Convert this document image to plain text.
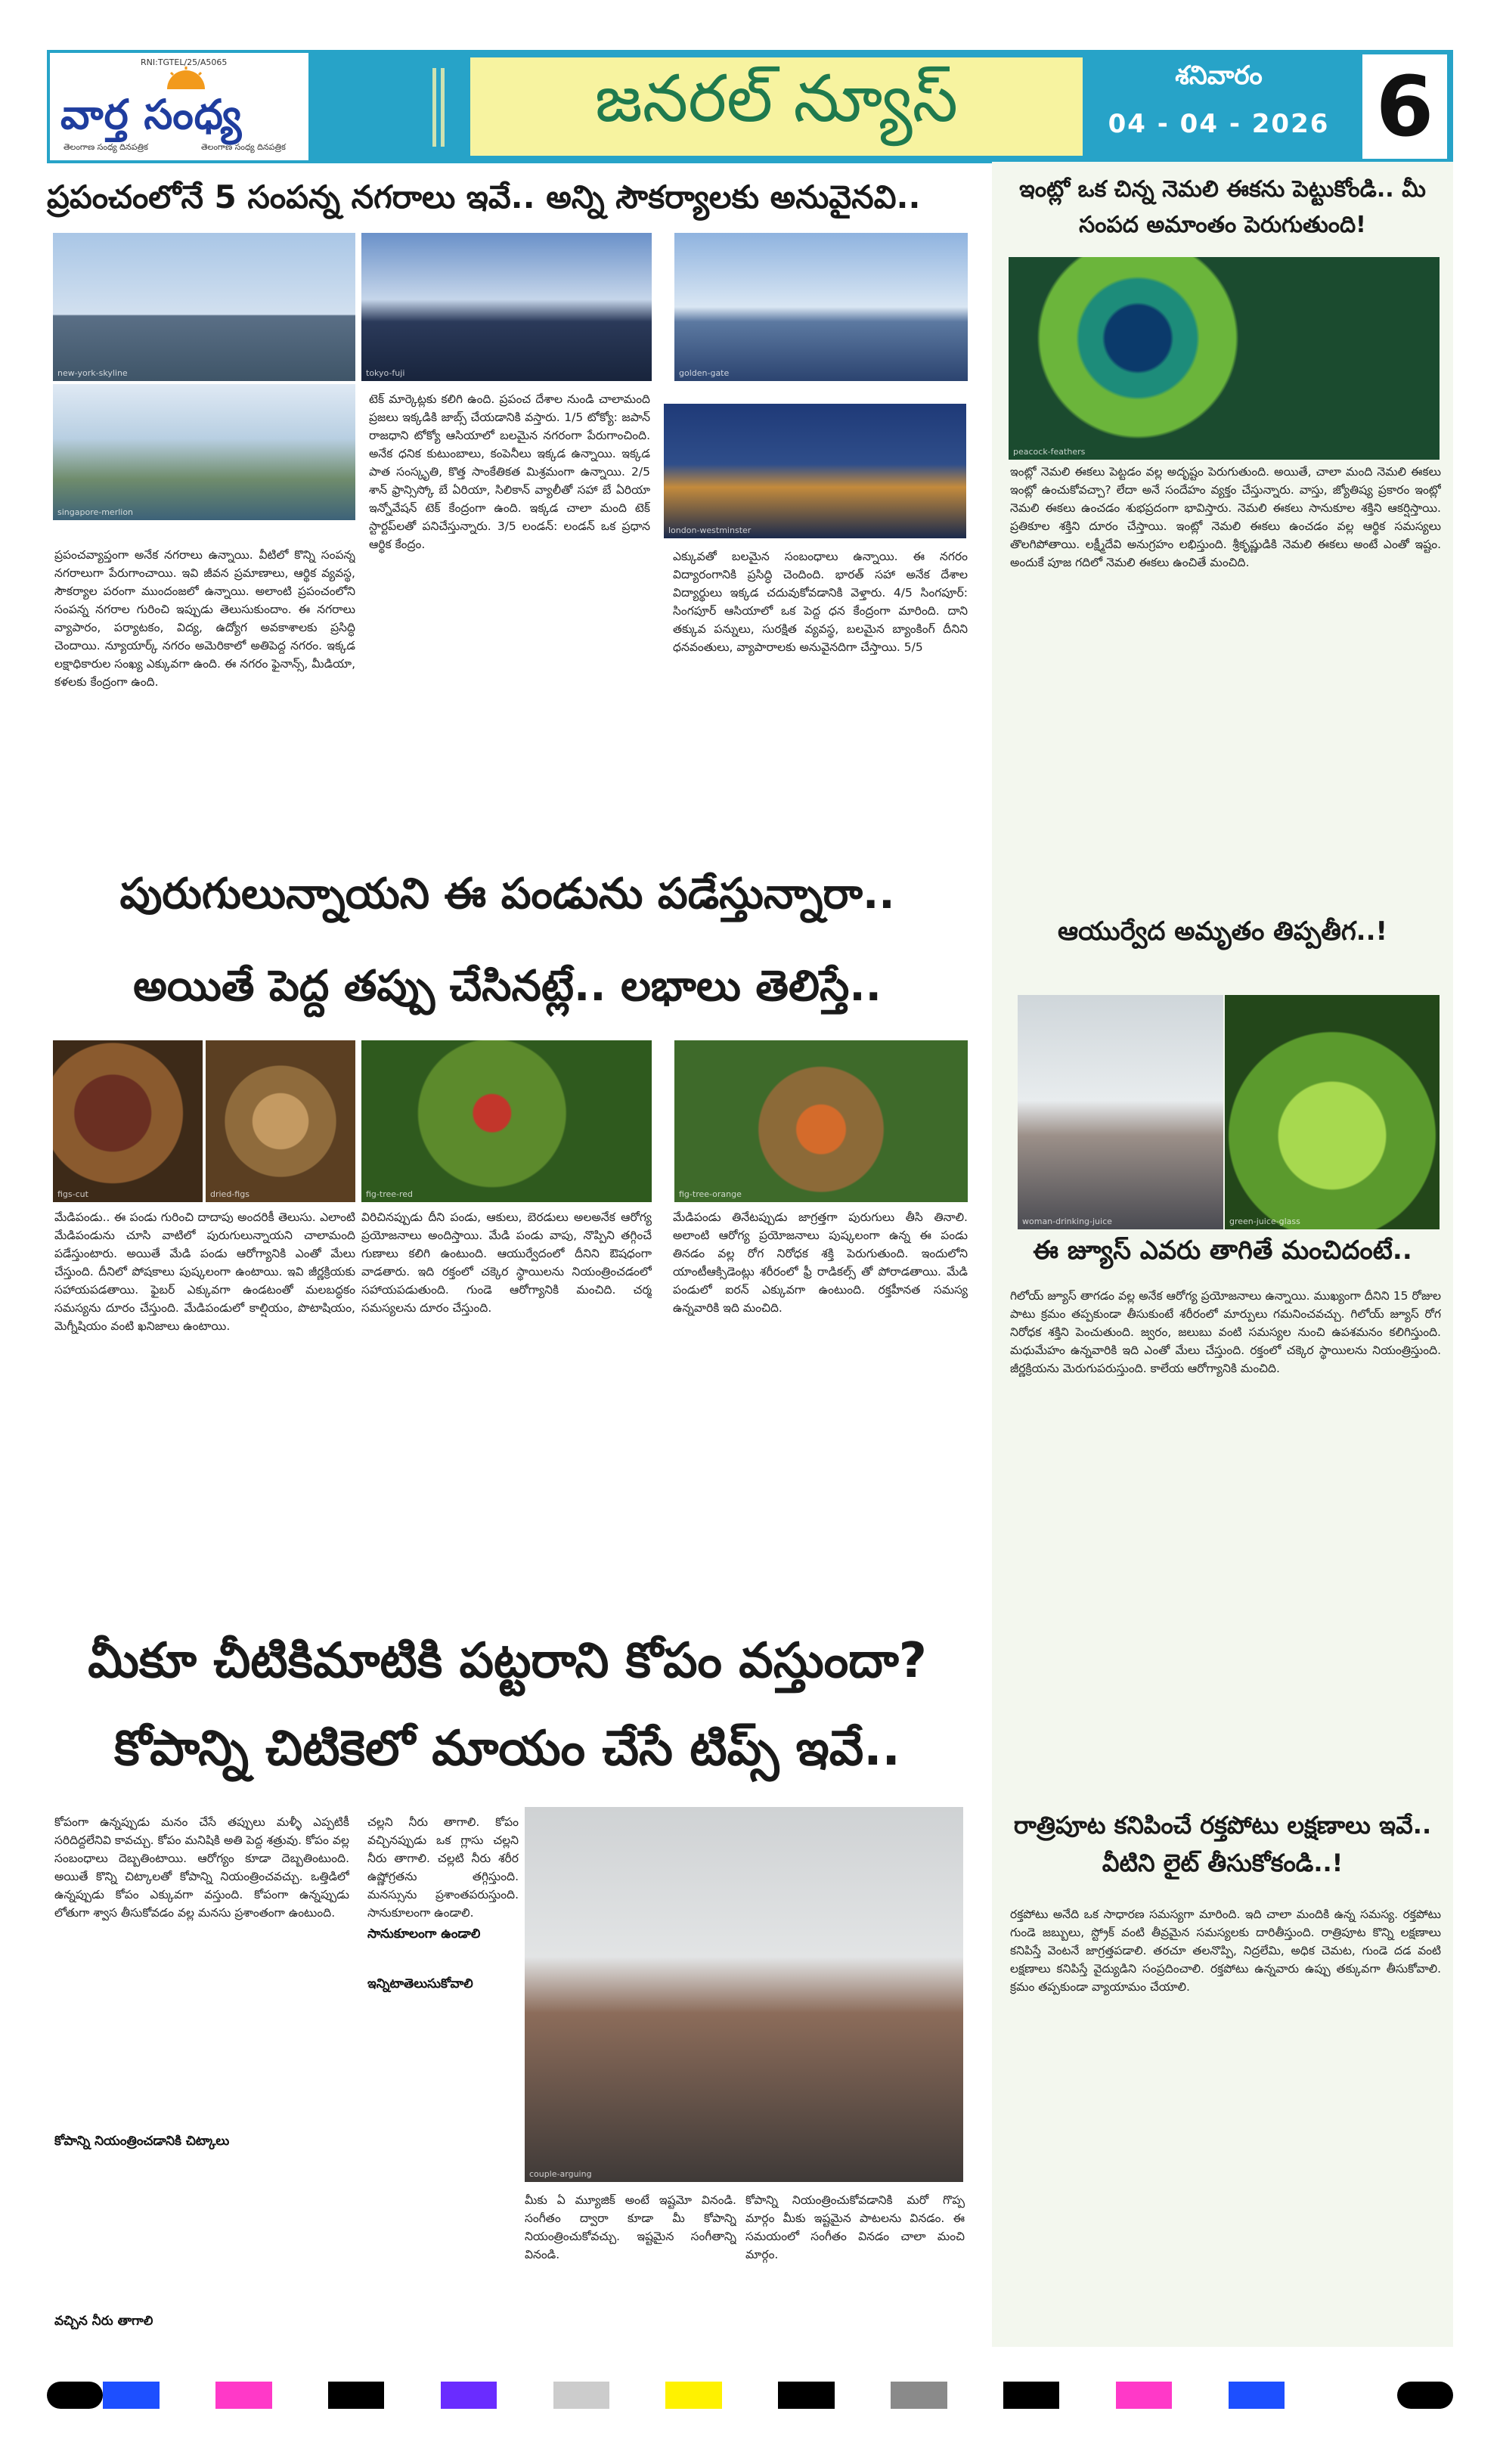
RNI:TGTEL/25/A5065
వార్త సంధ్య
తెలంగాణ సంధ్య దినపత్రిక	తెలంగాణ సంధ్య దినపత్రిక
జనరల్ న్యూస్	శనివారం
04 - 04 - 2026 6
ప్రపంచంలోనే 5 సంపన్న నగరాలు ఇవే.. అన్ని సౌకర్యాలకు అనువైనవి..
new-york-skyline	tokyo-fuji	golden-gate
singapore-merlion
london-westminster
ప్రపంచవ్యాప్తంగా అనేక నగరాలు ఉన్నాయి. వీటిలో కొన్ని సంపన్న నగరాలుగా పేరుగాంచాయి. ఇవి జీవన ప్రమాణాలు, ఆర్థిక వ్యవస్థ, సౌకర్యాల పరంగా ముందంజలో ఉన్నాయి. అలాంటి ప్రపంచంలోని సంపన్న నగరాల గురించి ఇప్పుడు తెలుసుకుందాం. ఈ నగరాలు వ్యాపారం, పర్యాటకం, విద్య, ఉద్యోగ అవకాశాలకు ప్రసిద్ధి చెందాయి. న్యూయార్క్ నగరం అమెరికాలో అతిపెద్ద నగరం. ఇక్కడ లక్షాధికారుల సంఖ్య ఎక్కువగా ఉంది. ఈ నగరం ఫైనాన్స్, మీడియా, కళలకు కేంద్రంగా ఉంది.
టెక్ మార్కెట్లకు కలిగి ఉంది. ప్రపంచ దేశాల నుండి చాలామంది ప్రజలు ఇక్కడికి జాబ్స్ చేయడానికి వస్తారు. 1/5 టోక్యో: జపాన్ రాజధాని టోక్యో ఆసియాలో బలమైన నగరంగా పేరుగాంచింది. అనేక ధనిక కుటుంబాలు, కంపెనీలు ఇక్కడ ఉన్నాయి. ఇక్కడ పాత సంస్కృతి, కొత్త సాంకేతికత మిశ్రమంగా ఉన్నాయి. 2/5 శాన్ ఫ్రాన్సిస్కో బే ఏరియా, సిలికాన్ వ్యాలీతో సహా బే ఏరియా ఇన్నోవేషన్ టెక్ కేంద్రంగా ఉంది. ఇక్కడ చాలా మంది టెక్ స్టార్టప్‌లతో పనిచేస్తున్నారు. 3/5 లండన్: లండన్ ఒక ప్రధాన ఆర్థిక కేంద్రం.
ఎక్కువతో బలమైన సంబంధాలు ఉన్నాయి. ఈ నగరం విద్యారంగానికి ప్రసిద్ధి చెందింది. భారత్ సహా అనేక దేశాల విద్యార్థులు ఇక్కడ చదువుకోవడానికి వెళ్తారు. 4/5 సింగపూర్: సింగపూర్ ఆసియాలో ఒక పెద్ద ధన కేంద్రంగా మారింది. దాని తక్కువ పన్నులు, సురక్షిత వ్యవస్థ, బలమైన బ్యాంకింగ్ దీనిని ధనవంతులు, వ్యాపారాలకు అనువైనదిగా చేస్తాయి. 5/5
పురుగులున్నాయని ఈ పండును పడేస్తున్నారా..
అయితే పెద్ద తప్పు చేసినట్లే.. లభాలు తెలిస్తే..
figs-cut	dried-figs	fig-tree-red	fig-tree-orange
మేడిపండు.. ఈ పండు గురించి దాదాపు అందరికీ తెలుసు. ఎలాంటి మేడిపండును చూసి వాటిలో పురుగులున్నాయని చాలామంది పడేస్తుంటారు. అయితే మేడి పండు ఆరోగ్యానికి ఎంతో మేలు చేస్తుంది. దీనిలో పోషకాలు పుష్కలంగా ఉంటాయి. ఇవి జీర్ణక్రియకు సహాయపడతాయి. ఫైబర్ ఎక్కువగా ఉండటంతో మలబద్ధకం సమస్యను దూరం చేస్తుంది. మేడిపండులో కాల్షియం, పొటాషియం, మెగ్నీషియం వంటి ఖనిజాలు ఉంటాయి.
విరిచినప్పుడు దీని పండు, ఆకులు, బెరడులు అలఅనేక ఆరోగ్య ప్రయోజనాలు అందిస్తాయి. మేడి పండు వాపు, నొప్పిని తగ్గించే గుణాలు కలిగి ఉంటుంది. ఆయుర్వేదంలో దీనిని ఔషధంగా వాడతారు. ఇది రక్తంలో చక్కెర స్థాయిలను నియంత్రించడంలో సహాయపడుతుంది. గుండె ఆరోగ్యానికి మంచిది. చర్మ సమస్యలను దూరం చేస్తుంది.
మేడిపండు తినేటప్పుడు జాగ్రత్తగా పురుగులు తీసి తినాలి. అలాంటి ఆరోగ్య ప్రయోజనాలు పుష్కలంగా ఉన్న ఈ పండు తినడం వల్ల రోగ నిరోధక శక్తి పెరుగుతుంది. ఇందులోని యాంటీఆక్సిడెంట్లు శరీరంలో ఫ్రీ రాడికల్స్ తో పోరాడతాయి. మేడి పండులో ఐరన్ ఎక్కువగా ఉంటుంది. రక్తహీనత సమస్య ఉన్నవారికి ఇది మంచిది.
మీకూ చీటికిమాటికి పట్టరాని కోపం వస్తుందా?
కోపాన్ని చిటికెలో మాయం చేసే టిప్స్ ఇవే..
couple-arguing
కోపంగా ఉన్నప్పుడు మనం చేసే తప్పులు మళ్ళీ ఎప్పటికీ సరిదిద్దలేనివి కావచ్చు. కోపం మనిషికి అతి పెద్ద శత్రువు. కోపం వల్ల సంబంధాలు దెబ్బతింటాయి. ఆరోగ్యం కూడా దెబ్బతింటుంది. అయితే కొన్ని చిట్కాలతో కోపాన్ని నియంత్రించవచ్చు. ఒత్తిడిలో ఉన్నప్పుడు కోపం ఎక్కువగా వస్తుంది. కోపంగా ఉన్నప్పుడు లోతుగా శ్వాస తీసుకోవడం వల్ల మనసు ప్రశాంతంగా ఉంటుంది.
చల్లని నీరు తాగాలి. కోపం వచ్చినప్పుడు ఒక గ్లాసు చల్లని నీరు తాగాలి. చల్లటి నీరు శరీర ఉష్ణోగ్రతను తగ్గిస్తుంది. మనస్సును ప్రశాంతపరుస్తుంది. సానుకూలంగా ఉండాలి.
మీకు ఏ మ్యూజిక్ అంటే ఇష్టమో వినండి. సంగీతం ద్వారా కూడా మీ కోపాన్ని నియంత్రించుకోవచ్చు. ఇష్టమైన సంగీతాన్ని వినండి.
కోపాన్ని నియంత్రించుకోవడానికి మరో గొప్ప మార్గం మీకు ఇష్టమైన పాటలను వినడం. ఈ సమయంలో సంగీతం వినడం చాలా మంచి మార్గం.
కోపాన్ని నియంత్రించడానికి చిట్కాలు
వచ్చిన నీరు తాగాలి
సానుకూలంగా ఉండాలి
ఇన్నిటాతెలుసుకోవాలి
ఇంట్లో ఒక చిన్న నెమలి ఈకను పెట్టుకోండి.. మీ సంపద అమాంతం పెరుగుతుంది!
peacock-feathers
ఇంట్లో నెమలి ఈకలు పెట్టడం వల్ల అదృష్టం పెరుగుతుంది. అయితే, చాలా మంది నెమలి ఈకలు ఇంట్లో ఉంచుకోవచ్చా? లేదా అనే సందేహం వ్యక్తం చేస్తున్నారు. వాస్తు, జ్యోతిష్య ప్రకారం ఇంట్లో నెమలి ఈకలు ఉంచడం శుభప్రదంగా భావిస్తారు. నెమలి ఈకలు సానుకూల శక్తిని ఆకర్షిస్తాయి. ప్రతికూల శక్తిని దూరం చేస్తాయి. ఇంట్లో నెమలి ఈకలు ఉంచడం వల్ల ఆర్థిక సమస్యలు తొలగిపోతాయి. లక్ష్మీదేవి అనుగ్రహం లభిస్తుంది. శ్రీకృష్ణుడికి నెమలి ఈకలు అంటే ఎంతో ఇష్టం. అందుకే పూజ గదిలో నెమలి ఈకలు ఉంచితే మంచిది.
ఆయుర్వేద అమృతం తిప్పతీగ..!
woman-drinking-juice	green-juice-glass
ఈ జ్యూస్ ఎవరు తాగితే మంచిదంటే..
గిలోయ్ జ్యూస్ తాగడం వల్ల అనేక ఆరోగ్య ప్రయోజనాలు ఉన్నాయి. ముఖ్యంగా దీనిని 15 రోజుల పాటు క్రమం తప్పకుండా తీసుకుంటే శరీరంలో మార్పులు గమనించవచ్చు. గిలోయ్ జ్యూస్ రోగ నిరోధక శక్తిని పెంచుతుంది. జ్వరం, జలుబు వంటి సమస్యల నుంచి ఉపశమనం కలిగిస్తుంది. మధుమేహం ఉన్నవారికి ఇది ఎంతో మేలు చేస్తుంది. రక్తంలో చక్కెర స్థాయిలను నియంత్రిస్తుంది. జీర్ణక్రియను మెరుగుపరుస్తుంది. కాలేయ ఆరోగ్యానికి మంచిది.
రాత్రిపూట కనిపించే రక్తపోటు లక్షణాలు ఇవే.. వీటిని లైట్ తీసుకోకండి..!
రక్తపోటు అనేది ఒక సాధారణ సమస్యగా మారింది. ఇది చాలా మందికి ఉన్న సమస్య. రక్తపోటు గుండె జబ్బులు, స్ట్రోక్ వంటి తీవ్రమైన సమస్యలకు దారితీస్తుంది. రాత్రిపూట కొన్ని లక్షణాలు కనిపిస్తే వెంటనే జాగ్రత్తపడాలి. తరచూ తలనొప్పి, నిద్రలేమి, అధిక చెమట, గుండె దడ వంటి లక్షణాలు కనిపిస్తే వైద్యుడిని సంప్రదించాలి. రక్తపోటు ఉన్నవారు ఉప్పు తక్కువగా తీసుకోవాలి. క్రమం తప్పకుండా వ్యాయామం చేయాలి.
